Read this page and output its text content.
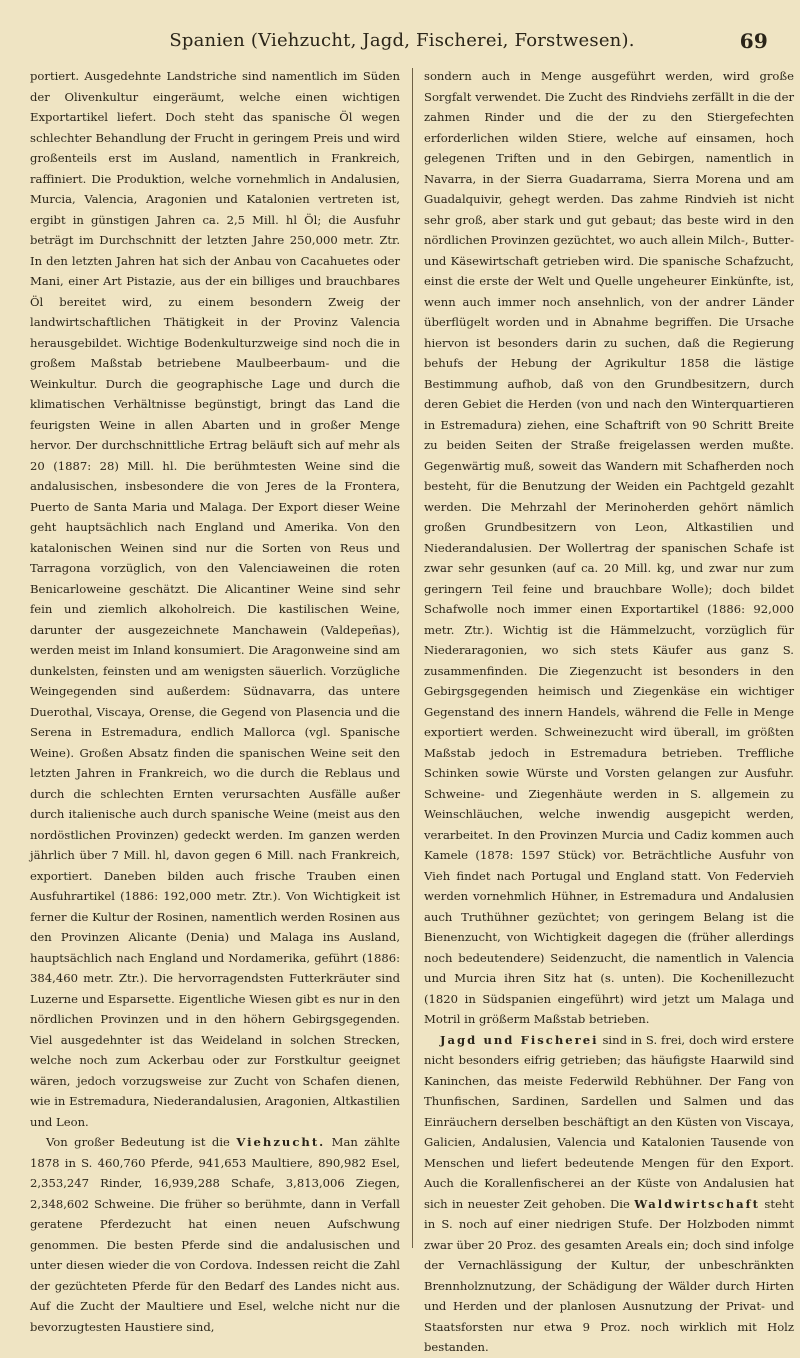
Spanien (Viehzucht, Jagd, Fischerei, Forstwesen).	69

portiert. Ausgedehnte Landstriche sind namentlich im Süden der Olivenkultur eingeräumt, welche einen wichtigen Exportartikel liefert. Doch steht das spanische Öl wegen schlechter Behandlung der Frucht in geringem Preis und wird großenteils erst im Ausland, namentlich in Frankreich, raffiniert. Die Produktion, welche vornehmlich in Andalusien, Murcia, Valencia, Aragonien und Katalonien vertreten ist, ergibt in günstigen Jahren ca. 2,5 Mill. hl Öl; die Ausfuhr beträgt im Durchschnitt der letzten Jahre 250,000 metr. Ztr. In den letzten Jahren hat sich der Anbau von Cacahuetes oder Mani, einer Art Pistazie, aus der ein billiges und brauchbares Öl bereitet wird, zu einem besondern Zweig der landwirtschaftlichen Thätigkeit in der Provinz Valencia herausgebildet. Wichtige Bodenkulturzweige sind noch die in großem Maßstab betriebene Maulbeerbaum- und die Weinkultur. Durch die geographische Lage und durch die klimatischen Verhältnisse begünstigt, bringt das Land die feurigsten Weine in allen Abarten und in großer Menge hervor. Der durchschnittliche Ertrag beläuft sich auf mehr als 20 (1887: 28) Mill. hl. Die berühmtesten Weine sind die andalusischen, insbesondere die von Jeres de la Frontera, Puerto de Santa Maria und Malaga. Der Export dieser Weine geht hauptsächlich nach England und Amerika. Von den katalonischen Weinen sind nur die Sorten von Reus und Tarragona vorzüglich, von den Valenciaweinen die roten Benicarloweine geschätzt. Die Alicantiner Weine sind sehr fein und ziemlich alkoholreich. Die kastilischen Weine, darunter der ausgezeichnete Manchawein (Valdepeñas), werden meist im Inland konsumiert. Die Aragonweine sind am dunkelsten, feinsten und am wenigsten säuerlich. Vorzügliche Weingegenden sind außerdem: Südnavarra, das untere Duerothal, Viscaya, Orense, die Gegend von Plasencia und die Serena in Estremadura, endlich Mallorca (vgl. Spanische Weine). Großen Absatz finden die spanischen Weine seit den letzten Jahren in Frankreich, wo die durch die Reblaus und durch die schlechten Ernten verursachten Ausfälle außer durch italienische auch durch spanische Weine (meist aus den nordöstlichen Provinzen) gedeckt werden. Im ganzen werden jährlich über 7 Mill. hl, davon gegen 6 Mill. nach Frankreich, exportiert. Daneben bilden auch frische Trauben einen Ausfuhrartikel (1886: 192,000 metr. Ztr.). Von Wichtigkeit ist ferner die Kultur der Rosinen, namentlich werden Rosinen aus den Provinzen Alicante (Denia) und Malaga ins Ausland, hauptsächlich nach England und Nordamerika, geführt (1886: 384,460 metr. Ztr.). Die hervorragendsten Futterkräuter sind Luzerne und Esparsette. Eigentliche Wiesen gibt es nur in den nördlichen Provinzen und in den höhern Gebirgsgegenden. Viel ausgedehnter ist das Weideland in solchen Strecken, welche noch zum Ackerbau oder zur Forstkultur geeignet wären, jedoch vorzugsweise zur Zucht von Schafen dienen, wie in Estremadura, Niederandalusien, Aragonien, Altkastilien und Leon.

Von großer Bedeutung ist die Viehzucht. Man zählte 1878 in S. 460,760 Pferde, 941,653 Maultiere, 890,982 Esel, 2,353,247 Rinder, 16,939,288 Schafe, 3,813,006 Ziegen, 2,348,602 Schweine. Die früher so berühmte, dann in Verfall geratene Pferdezucht hat einen neuen Aufschwung genommen. Die besten Pferde sind die andalusischen und unter diesen wieder die von Cordova. Indessen reicht die Zahl der gezüchteten Pferde für den Bedarf des Landes nicht aus. Auf die Zucht der Maultiere und Esel, welche nicht nur die bevorzugtesten Haustiere sind,

sondern auch in Menge ausgeführt werden, wird große Sorgfalt verwendet. Die Zucht des Rindviehs zerfällt in die der zahmen Rinder und die der zu den Stiergefechten erforderlichen wilden Stiere, welche auf einsamen, hoch gelegenen Triften und in den Gebirgen, namentlich in Navarra, in der Sierra Guadarrama, Sierra Morena und am Guadalquivir, gehegt werden. Das zahme Rindvieh ist nicht sehr groß, aber stark und gut gebaut; das beste wird in den nördlichen Provinzen gezüchtet, wo auch allein Milch-, Butter- und Käsewirtschaft getrieben wird. Die spanische Schafzucht, einst die erste der Welt und Quelle ungeheurer Einkünfte, ist, wenn auch immer noch ansehnlich, von der andrer Länder überflügelt worden und in Abnahme begriffen. Die Ursache hiervon ist besonders darin zu suchen, daß die Regierung behufs der Hebung der Agrikultur 1858 die lästige Bestimmung aufhob, daß von den Grundbesitzern, durch deren Gebiet die Herden (von und nach den Winterquartieren in Estremadura) ziehen, eine Schaftrift von 90 Schritt Breite zu beiden Seiten der Straße freigelassen werden mußte. Gegenwärtig muß, soweit das Wandern mit Schafherden noch besteht, für die Benutzung der Weiden ein Pachtgeld gezahlt werden. Die Mehrzahl der Merinoherden gehört nämlich großen Grundbesitzern von Leon, Altkastilien und Niederandalusien. Der Wollertrag der spanischen Schafe ist zwar sehr gesunken (auf ca. 20 Mill. kg, und zwar nur zum geringern Teil feine und brauchbare Wolle); doch bildet Schafwolle noch immer einen Exportartikel (1886: 92,000 metr. Ztr.). Wichtig ist die Hämmelzucht, vorzüglich für Niederaragonien, wo sich stets Käufer aus ganz S. zusammenfinden. Die Ziegenzucht ist besonders in den Gebirgsgegenden heimisch und Ziegenkäse ein wichtiger Gegenstand des innern Handels, während die Felle in Menge exportiert werden. Schweinezucht wird überall, im größten Maßstab jedoch in Estremadura betrieben. Treffliche Schinken sowie Würste und Vorsten gelangen zur Ausfuhr. Schweine- und Ziegenhäute werden in S. allgemein zu Weinschläuchen, welche inwendig ausgepicht werden, verarbeitet. In den Provinzen Murcia und Cadiz kommen auch Kamele (1878: 1597 Stück) vor. Beträchtliche Ausfuhr von Vieh findet nach Portugal und England statt. Von Federvieh werden vornehmlich Hühner, in Estremadura und Andalusien auch Truthühner gezüchtet; von geringem Belang ist die Bienenzucht, von Wichtigkeit dagegen die (früher allerdings noch bedeutendere) Seidenzucht, die namentlich in Valencia und Murcia ihren Sitz hat (s. unten). Die Kochenillezucht (1820 in Südspanien eingeführt) wird jetzt um Malaga und Motril in größerm Maßstab betrieben.

Jagd und Fischerei sind in S. frei, doch wird erstere nicht besonders eifrig getrieben; das häufigste Haarwild sind Kaninchen, das meiste Federwild Rebhühner. Der Fang von Thunfischen, Sardinen, Sardellen und Salmen und das Einräuchern derselben beschäftigt an den Küsten von Viscaya, Galicien, Andalusien, Valencia und Katalonien Tausende von Menschen und liefert bedeutende Mengen für den Export. Auch die Korallenfischerei an der Küste von Andalusien hat sich in neuester Zeit gehoben. Die Waldwirtschaft steht in S. noch auf einer niedrigen Stufe. Der Holzboden nimmt zwar über 20 Proz. des gesamten Areals ein; doch sind infolge der Vernachlässigung der Kultur, der unbeschränkten Brennholznutzung, der Schädigung der Wälder durch Hirten und Herden und der planlosen Ausnutzung der Privat- und Staatsforsten nur etwa 9 Proz. noch wirklich mit Holz bestanden.
